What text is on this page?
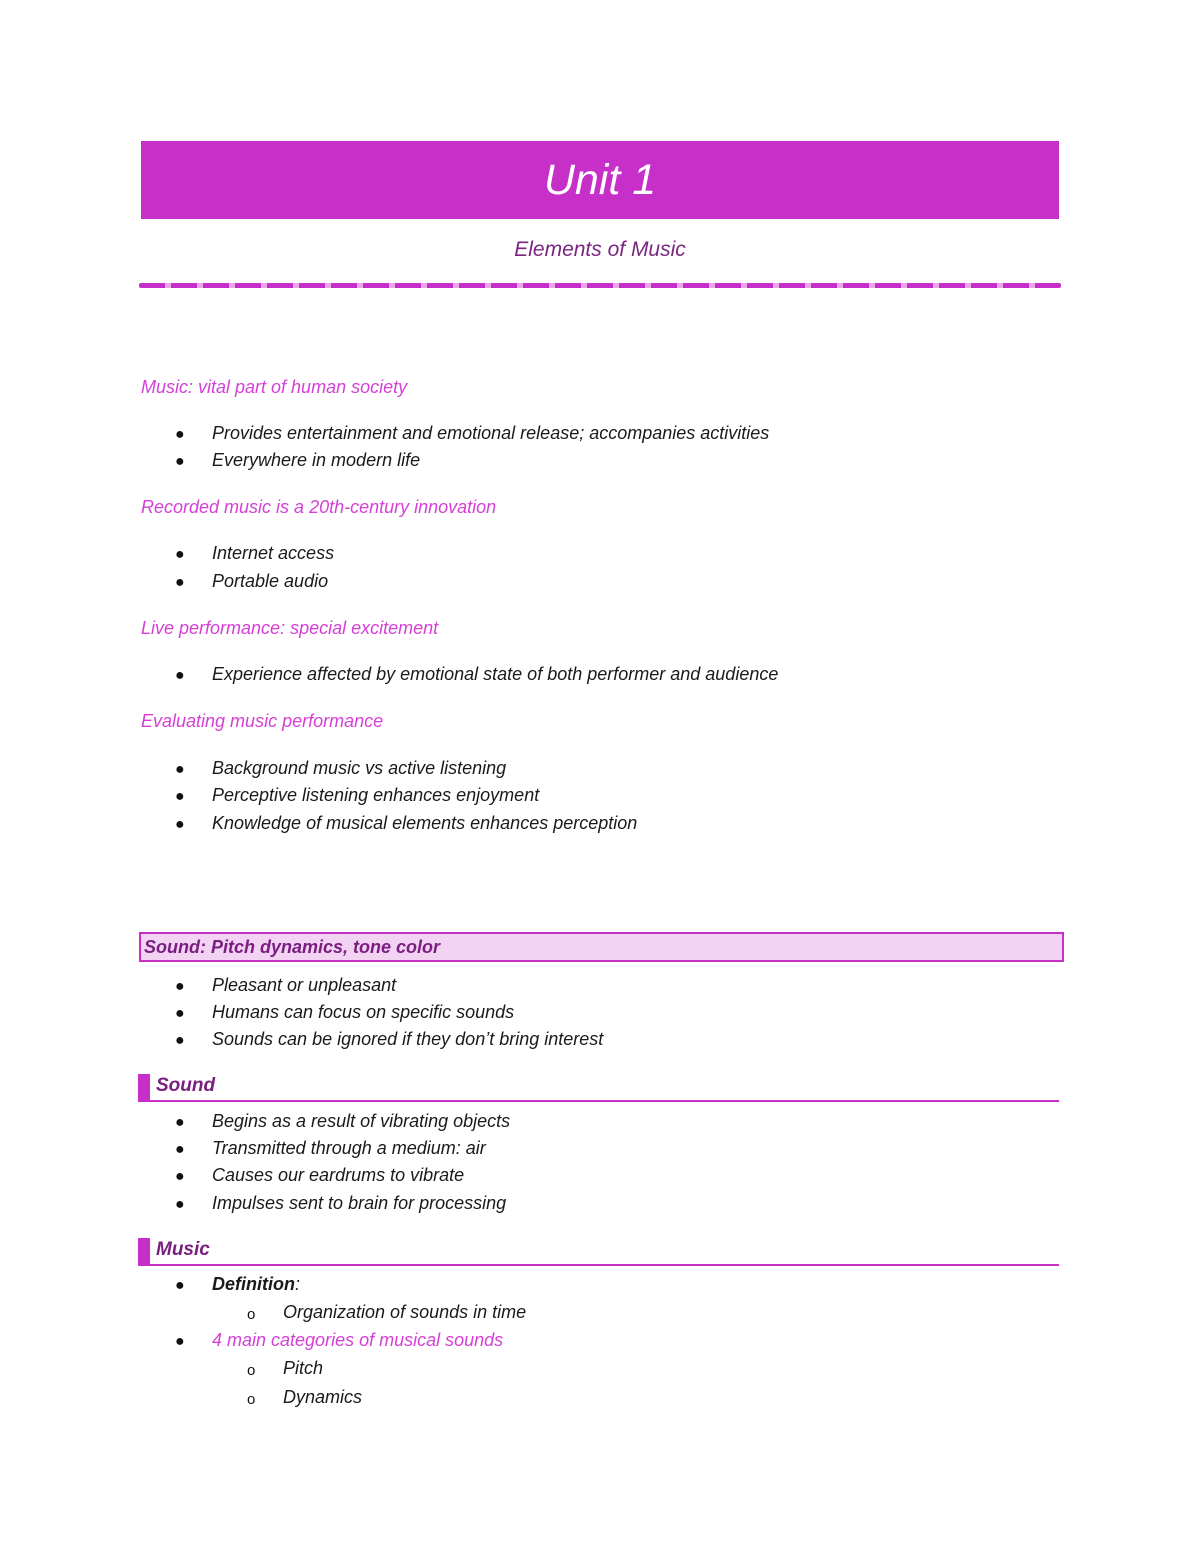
Unit 1
Elements of Music
Music: vital part of human society
● Provides entertainment and emotional release; accompanies activities
● Everywhere in modern life
Recorded music is a 20th-century innovation
● Internet access
● Portable audio
Live performance: special excitement
● Experience affected by emotional state of both performer and audience
Evaluating music performance
● Background music vs active listening
● Perceptive listening enhances enjoyment
● Knowledge of musical elements enhances perception
Sound: Pitch dynamics, tone color
● Pleasant or unpleasant
● Humans can focus on specific sounds
● Sounds can be ignored if they don’t bring interest
Sound
● Begins as a result of vibrating objects
● Transmitted through a medium: air
● Causes our eardrums to vibrate
● Impulses sent to brain for processing
Music
● Definition:
o Organization of sounds in time
● 4 main categories of musical sounds
o Pitch
o Dynamics
